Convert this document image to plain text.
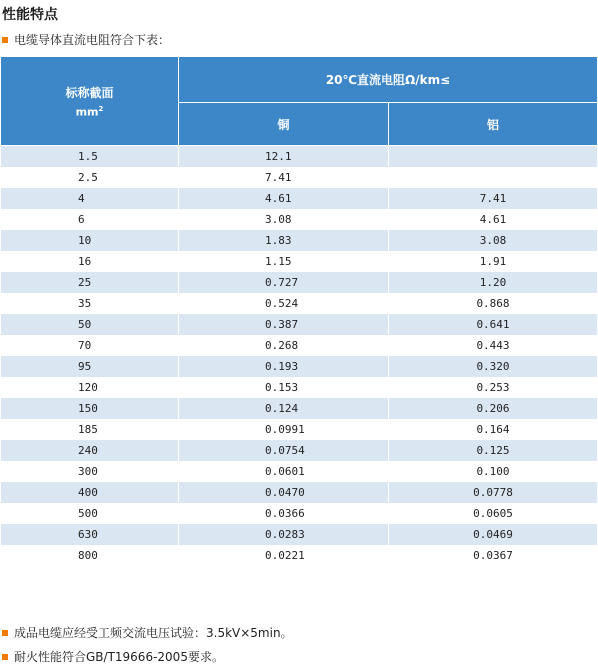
性能特点
电缆导体直流电阻符合下表：
标称截面
$mm^2$	20℃直流电阻Ω/km≤	
	铜	铝
1.5	12.1	
2.5	7.41	
4	4.61	7.41
6	3.08	4.61
10	1.83	3.08
16	1.15	1.91
25	0.727	1.20
35	0.524	0.868
50	0.387	0.641
70	0.268	0.443
95	0.193	0.320
120	0.153	0.253
150	0.124	0.206
185	0.0991	0.164
240	0.0754	0.125
300	0.0601	0.100
400	0.0470	0.0778
500	0.0366	0.0605
630	0.0283	0.0469
800	0.0221	0.0367
成品电缆应经受工频交流电压试验：3.5kV×5min。
耐火性能符合GB/T19666-2005要求。
